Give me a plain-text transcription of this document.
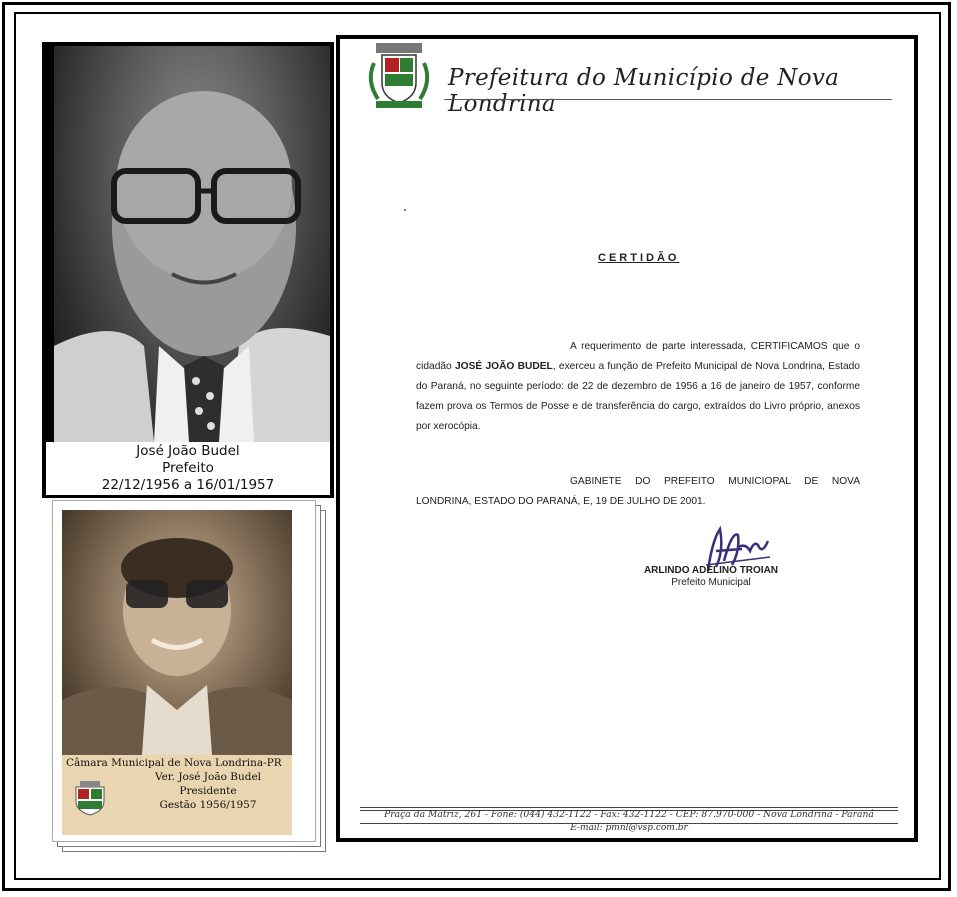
José João Budel
Prefeito
22/12/1956 a 16/01/1957
Câmara Municipal de Nova Londrina-PR
Ver. José João Budel
Presidente
Gestão 1956/1957
Prefeitura do Município de Nova Londrina
CERTIDÃO
A requerimento de parte interessada, CERTIFICAMOS que o cidadão JOSÉ JOÃO BUDEL, exerceu a função de Prefeito Municipal de Nova Londrina, Estado do Paraná, no seguinte período: de 22 de dezembro de 1956 a 16 de janeiro de 1957, conforme fazem prova os Termos de Posse e de transferência do cargo, extraídos do Livro próprio, anexos por xerocópia.
GABINETE DO PREFEITO MUNICIOPAL DE NOVA LONDRINA, ESTADO DO PARANÁ, E, 19 DE JULHO DE 2001.
ARLINDO ADELINO TROIAN
Prefeito Municipal
Praça da Matriz, 261 - Fone: (044) 432-1122 - Fax: 432-1122 - CEP: 87.970-000 - Nova Londrina - Paraná
E-mail: pmnl@vsp.com.br
